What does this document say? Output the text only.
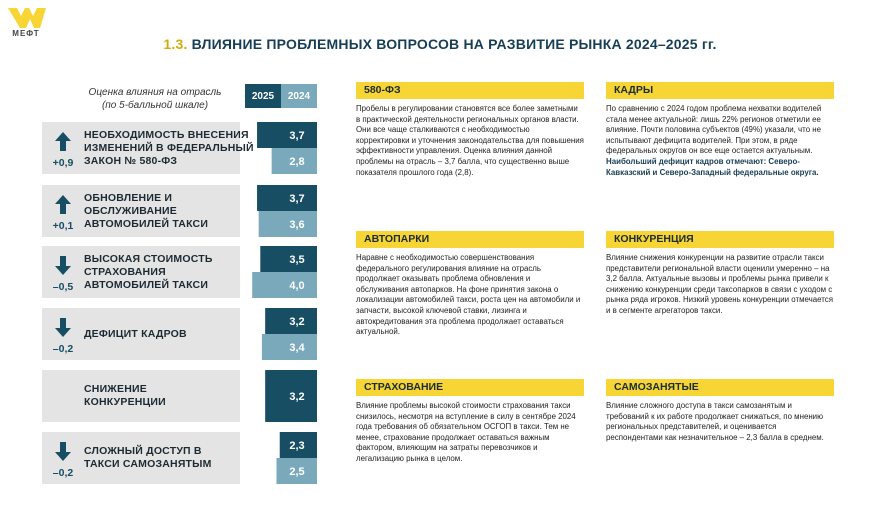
МЕФТ
1.3. ВЛИЯНИЕ ПРОБЛЕМНЫХ ВОПРОСОВ НА РАЗВИТИЕ РЫНКА 2024–2025 гг.
Оценка влияния на отрасль
(по 5-балльной шкале)
2025	2024
3,7
2,8
+0,9
3,7
3,6
+0,1
3,5
4,0
–0,5
3,2
3,4
–0,2
3,2
2,3
2,5
–0,2
НЕОБХОДИМОСТЬ ВНЕСЕНИЯ
ИЗМЕНЕНИЙ В ФЕДЕРАЛЬНЫЙ
ЗАКОН № 580-ФЗ
ОБНОВЛЕНИЕ И
ОБСЛУЖИВАНИЕ
АВТОМОБИЛЕЙ ТАКСИ
ВЫСОКАЯ СТОИМОСТЬ
СТРАХОВАНИЯ
АВТОМОБИЛЕЙ ТАКСИ
ДЕФИЦИТ КАДРОВ
СНИЖЕНИЕ
КОНКУРЕНЦИИ
СЛОЖНЫЙ ДОСТУП В
ТАКСИ САМОЗАНЯТЫМ
580-ФЗ
Пробелы в регулировании становятся все более заметными в практической деятельности региональных органов власти. Они все чаще сталкиваются с необходимостью корректировки и уточнения законодательства для повышения эффективности управления. Оценка влияния данной проблемы на отрасль – 3,7 балла, что существенно выше показателя прошлого года (2,8).
КАДРЫ
По сравнению с 2024 годом проблема нехватки водителей стала менее актуальной: лишь 22% регионов отметили ее влияние. Почти половина субъектов (49%) указали, что не испытывают дефицита водителей. При этом, в ряде федеральных округов он все еще остается актуальным. Наибольший дефицит кадров отмечают: Северо-Кавказский и Северо-Западный федеральные округа.
АВТОПАРКИ
Наравне с необходимостью совершенствования федерального регулирования влияние на отрасль продолжает оказывать проблема обновления и обслуживания автопарков. На фоне принятия закона о локализации автомобилей такси, роста цен на автомобили и запчасти, высокой ключевой ставки, лизинга и автокредитования эта проблема продолжает оставаться актуальной.
КОНКУРЕНЦИЯ
Влияние снижения конкуренции на развитие отрасли такси представители региональной власти оценили умеренно – на 3,2 балла. Актуальные вызовы и проблемы рынка привели к снижению конкуренции среди таксопарков в связи с уходом с рынка ряда игроков. Низкий уровень конкуренции отмечается и в сегменте агрегаторов такси.
СТРАХОВАНИЕ
Влияние проблемы высокой стоимости страхования такси снизилось, несмотря на вступление в силу в сентябре 2024 года требования об обязательном ОСГОП в такси. Тем не менее, страхование продолжает оставаться важным фактором, влияющим на затраты перевозчиков и легализацию рынка в целом.
САМОЗАНЯТЫЕ
Влияние сложного доступа в такси самозанятым и требований к их работе продолжает снижаться, по мнению региональных представителей, и оценивается респондентами как незначительное – 2,3 балла в среднем.
